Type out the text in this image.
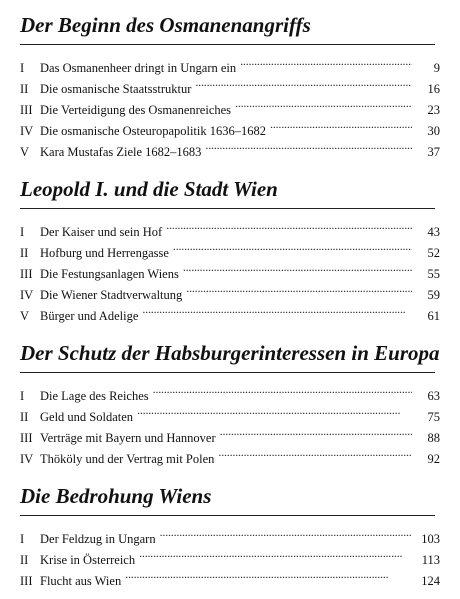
Der Beginn des Osmanenangriffs
I	Das Osmanenheer dringt in Ungarn ein . . .	9
II Die osmanische Staatsstruktur . . .	16
III Die Verteidigung des Osmanenreiches . . .	23
IV Die osmanische Osteuropapolitik 1636–1682 . . .	30
V Kara Mustafas Ziele 1682–1683 . . .	37
Leopold I. und die Stadt Wien
I	Der Kaiser und sein Hof . . .	43
II Hofburg und Herrengasse . . .	52
III Die Festungsanlagen Wiens . . .	55
IV Die Wiener Stadtverwaltung . . .	59
V Bürger und Adelige . . .	61
Der Schutz der Habsburgerinteressen in Europa
I	Die Lage des Reiches . . .	63
II Geld und Soldaten . . .	75
III Verträge mit Bayern und Hannover . . .	88
IV Thököly und der Vertrag mit Polen . . .	92
Die Bedrohung Wiens
I	Der Feldzug in Ungarn . . .	103
II Krise in Österreich . . .	113
III Flucht aus Wien . . .	124
